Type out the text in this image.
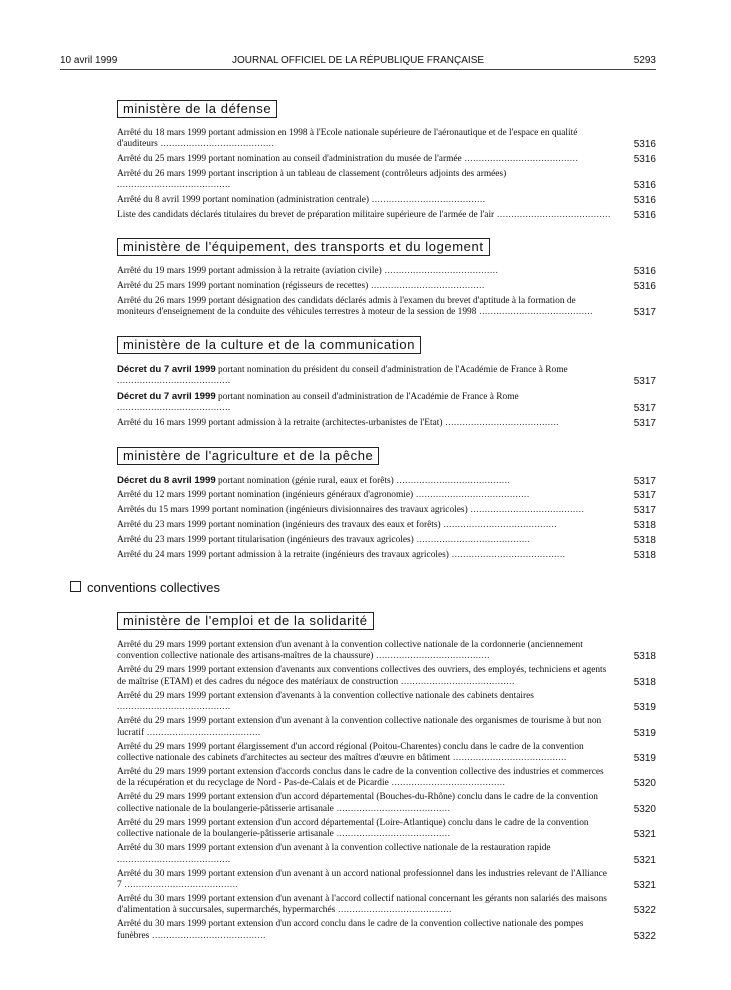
10 avril 1999	JOURNAL OFFICIEL DE LA RÉPUBLIQUE FRANÇAISE	5293
ministère de la défense
Arrêté du 18 mars 1999 portant admission en 1998 à l'Ecole nationale supérieure de l'aéronautique et de l'espace en qualité d'auditeurs ........................................	5316
Arrêté du 25 mars 1999 portant nomination au conseil d'administration du musée de l'armée ........................................	5316
Arrêté du 26 mars 1999 portant inscription à un tableau de classement (contrôleurs adjoints des armées) ........................................	5316
Arrêté du 8 avril 1999 portant nomination (administration centrale) ........................................	5316
Liste des candidats déclarés titulaires du brevet de préparation militaire supérieure de l'armée de l'air ........................................ 5316
ministère de l'équipement, des transports et du logement
Arrêté du 19 mars 1999 portant admission à la retraite (aviation civile) ........................................	5316
Arrêté du 25 mars 1999 portant nomination (régisseurs de recettes) ........................................	5316
Arrêté du 26 mars 1999 portant désignation des candidats déclarés admis à l'examen du brevet d'aptitude à la formation de moniteurs d'enseignement de la conduite des véhicules terrestres à moteur de la session de 1998 ........................................	5317
ministère de la culture et de la communication
Décret du 7 avril 1999 portant nomination du président du conseil d'administration de l'Académie de France à Rome ........................................	5317
Décret du 7 avril 1999 portant nomination au conseil d'administration de l'Académie de France à Rome ........................................	5317
Arrêté du 16 mars 1999 portant admission à la retraite (architectes-urbanistes de l'Etat) ........................................	5317
ministère de l'agriculture et de la pêche
Décret du 8 avril 1999 portant nomination (génie rural, eaux et forêts) ........................................	5317
Arrêté du 12 mars 1999 portant nomination (ingénieurs généraux d'agronomie) ........................................	5317
Arrêtés du 15 mars 1999 portant nomination (ingénieurs divisionnaires des travaux agricoles) ........................................	5317
Arrêté du 23 mars 1999 portant nomination (ingénieurs des travaux des eaux et forêts) ........................................	5318
Arrêté du 23 mars 1999 portant titularisation (ingénieurs des travaux agricoles) ........................................	5318
Arrêté du 24 mars 1999 portant admission à la retraite (ingénieurs des travaux agricoles) ........................................	5318
conventions collectives
ministère de l'emploi et de la solidarité
Arrêté du 29 mars 1999 portant extension d'un avenant à la convention collective nationale de la cordonnerie (anciennement convention collective nationale des artisans-maîtres de la chaussure) ........................................	5318
Arrêté du 29 mars 1999 portant extension d'avenants aux conventions collectives des ouvriers, des employés, techniciens et agents de maîtrise (ETAM) et des cadres du négoce des matériaux de construction ........................................	5318
Arrêté du 29 mars 1999 portant extension d'avenants à la convention collective nationale des cabinets dentaires ........................................	5319
Arrêté du 29 mars 1999 portant extension d'un avenant à la convention collective nationale des organismes de tourisme à but non lucratif ........................................	5319
Arrêté du 29 mars 1999 portant élargissement d'un accord régional (Poitou-Charentes) conclu dans le cadre de la convention collective nationale des cabinets d'architectes au secteur des maîtres d'œuvre en bâtiment ........................................	5319
Arrêté du 29 mars 1999 portant extension d'accords conclus dans le cadre de la convention collective des industries et commerces de la récupération et du recyclage de Nord - Pas-de-Calais et de Picardie ........................................	5320
Arrêté du 29 mars 1999 portant extension d'un accord départemental (Bouches-du-Rhône) conclu dans le cadre de la convention collective nationale de la boulangerie-pâtisserie artisanale ........................................	5320
Arrêté du 29 mars 1999 portant extension d'un accord départemental (Loire-Atlantique) conclu dans le cadre de la convention collective nationale de la boulangerie-pâtisserie artisanale ........................................	5321
Arrêté du 30 mars 1999 portant extension d'un avenant à la convention collective nationale de la restauration rapide ........................................	5321
Arrêté du 30 mars 1999 portant extension d'un avenant à un accord national professionnel dans les industries relevant de l'Alliance 7 ........................................	5321
Arrêté du 30 mars 1999 portant extension d'un avenant à l'accord collectif national concernant les gérants non salariés des maisons d'alimentation à succursales, supermarchés, hypermarchés ........................................	5322
Arrêté du 30 mars 1999 portant extension d'un accord conclu dans le cadre de la convention collective nationale des pompes funèbres ........................................	5322
